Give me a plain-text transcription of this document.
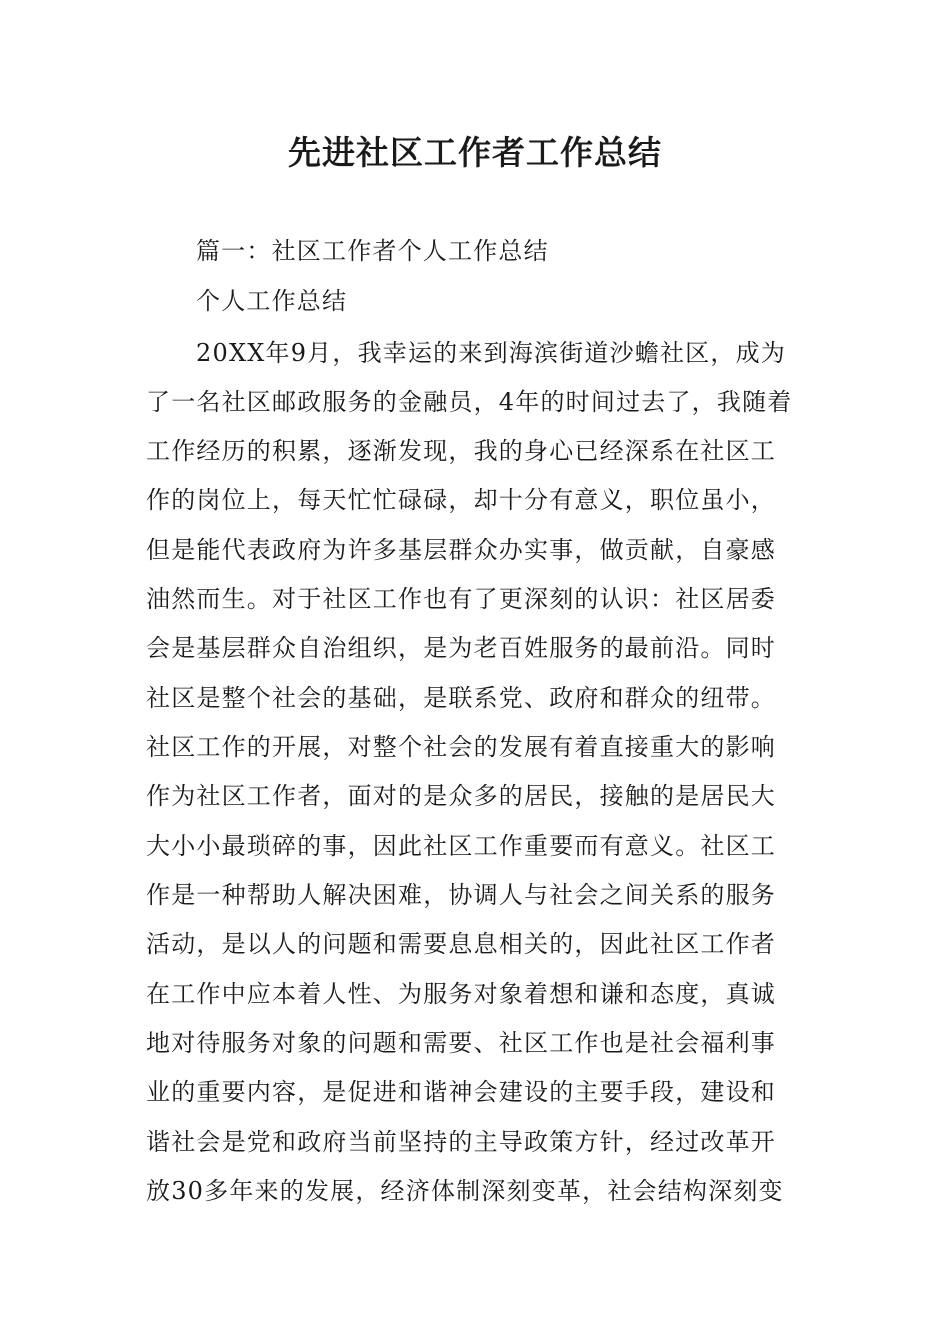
先进社区工作者工作总结
篇一：社区工作者个人工作总结
个人工作总结
20XX年9月，我幸运的来到海滨街道沙蟾社区，成为
了一名社区邮政服务的金融员，4年的时间过去了，我随着
工作经历的积累，逐渐发现，我的身心已经深系在社区工
作的岗位上，每天忙忙碌碌，却十分有意义，职位虽小，
但是能代表政府为许多基层群众办实事，做贡献，自豪感
油然而生。对于社区工作也有了更深刻的认识：社区居委
会是基层群众自治组织，是为老百姓服务的最前沿。同时
社区是整个社会的基础，是联系党、政府和群众的纽带。
社区工作的开展，对整个社会的发展有着直接重大的影响
作为社区工作者，面对的是众多的居民，接触的是居民大
大小小最琐碎的事，因此社区工作重要而有意义。社区工
作是一种帮助人解决困难，协调人与社会之间关系的服务
活动，是以人的问题和需要息息相关的，因此社区工作者
在工作中应本着人性、为服务对象着想和谦和态度，真诚
地对待服务对象的问题和需要、社区工作也是社会福利事
业的重要内容，是促进和谐神会建设的主要手段，建设和
谐社会是党和政府当前坚持的主导政策方针，经过改革开
放30多年来的发展，经济体制深刻变革，社会结构深刻变
